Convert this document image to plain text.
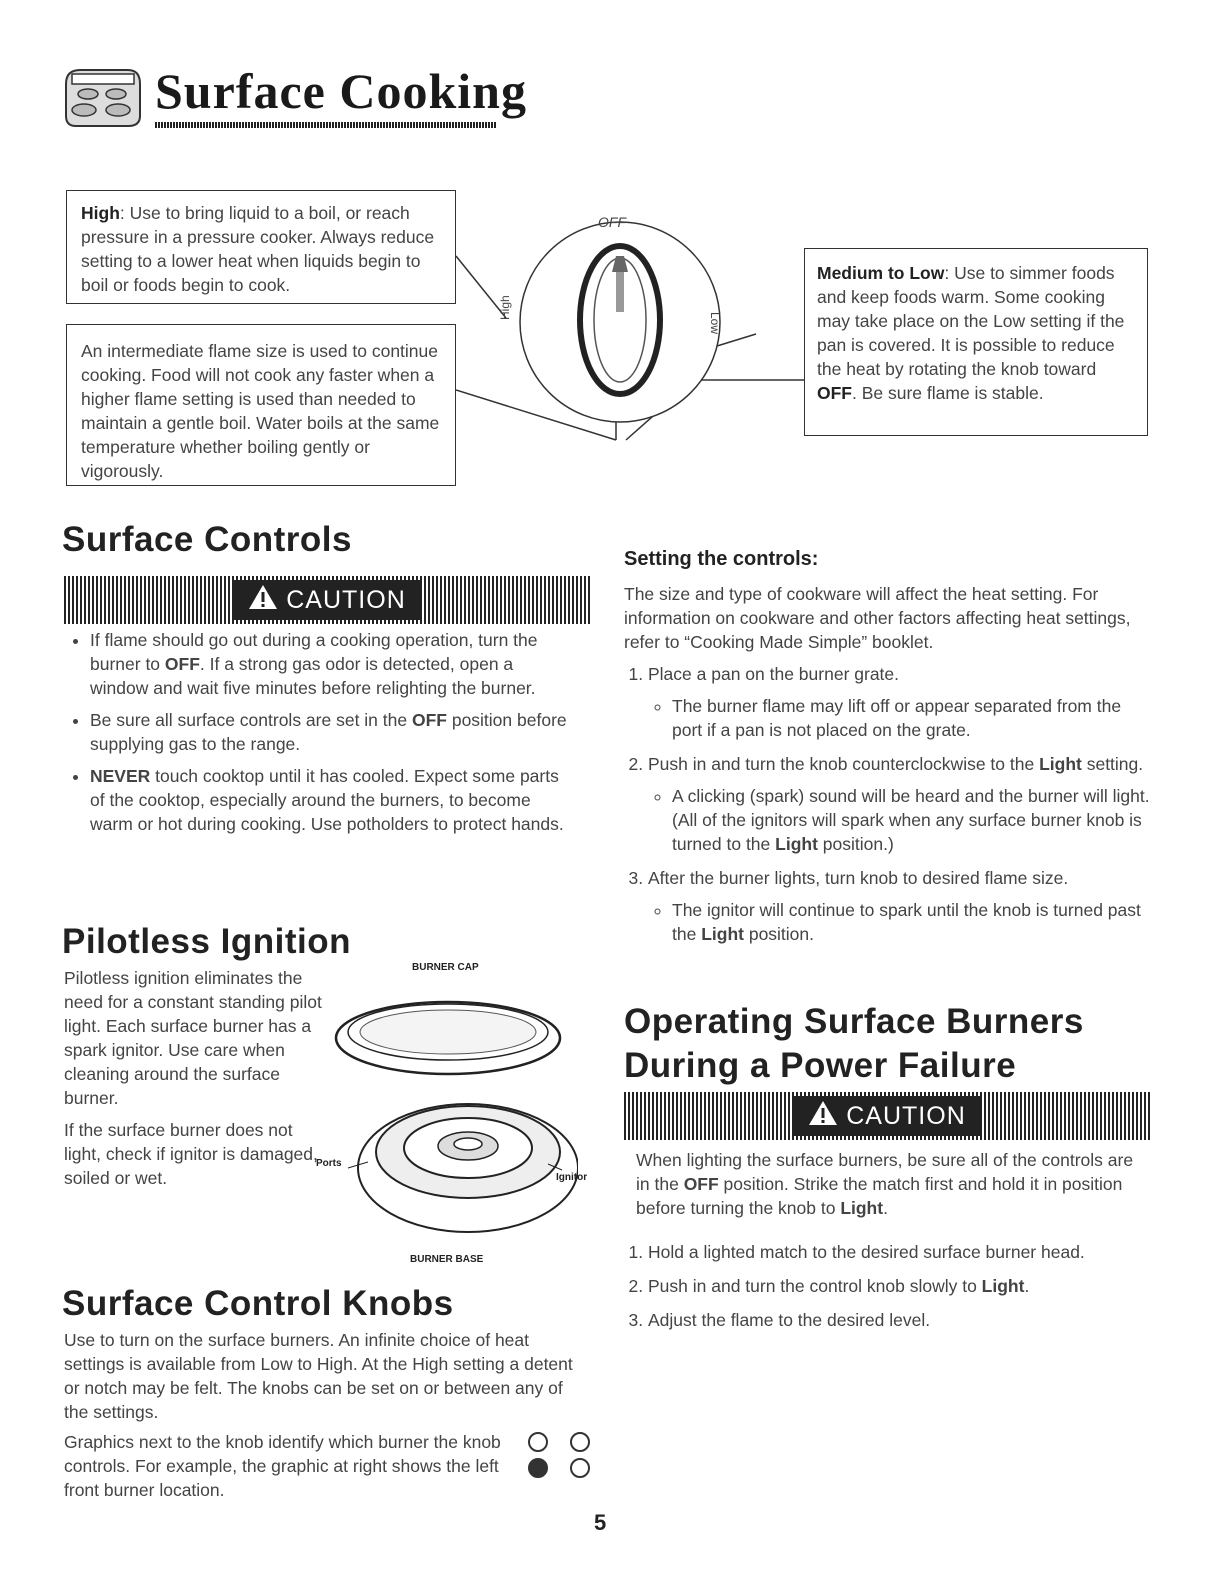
Surface Cooking

High: Use to bring liquid to a boil, or reach pressure in a pressure cooker. Always reduce setting to a lower heat when liquids begin to boil or foods begin to cook.

An intermediate flame size is used to continue cooking. Food will not cook any faster when a higher flame setting is used than needed to maintain a gentle boil. Water boils at the same temperature whether boiling gently or vigorously.

Medium to Low: Use to simmer foods and keep foods warm. Some cooking may take place on the Low setting if the pan is covered. It is possible to reduce the heat by rotating the knob toward OFF. Be sure flame is stable.

OFF
High
Low
Surface Controls
CAUTION
• If flame should go out during a cooking operation, turn the burner to OFF. If a strong gas odor is detected, open a window and wait five minutes before relighting the burner.
• Be sure all surface controls are set in the OFF position before supplying gas to the range.
• NEVER touch cooktop until it has cooled. Expect some parts of the cooktop, especially around the burners, to become warm or hot during cooking. Use potholders to protect hands.
Pilotless Ignition

Pilotless ignition eliminates the need for a constant standing pilot light. Each surface burner has a spark ignitor. Use care when cleaning around the surface burner.

If the surface burner does not light, check if ignitor is damaged, soiled or wet.

BURNER CAP
Ports
Ignitor
BURNER BASE
Surface Control Knobs
Use to turn on the surface burners. An infinite choice of heat settings is available from Low to High. At the High setting a detent or notch may be felt. The knobs can be set on or between any of the settings.
Graphics next to the knob identify which burner the knob controls. For example, the graphic at right shows the left front burner location.
Setting the controls:

The size and type of cookware will affect the heat setting. For information on cookware and other factors affecting heat settings, refer to “Cooking Made Simple” booklet.

1. Place a pan on the burner grate.
◦ The burner flame may lift off or appear separated from the port if a pan is not placed on the grate.
2. Push in and turn the knob counterclockwise to the Light setting.
◦ A clicking (spark) sound will be heard and the burner will light. (All of the ignitors will spark when any surface burner knob is turned to the Light position.)
3. After the burner lights, turn knob to desired flame size.
◦ The ignitor will continue to spark until the knob is turned past the Light position.
Operating Surface Burners
During a Power Failure
CAUTION
When lighting the surface burners, be sure all of the controls are in the OFF position. Strike the match first and hold it in position before turning the knob to Light.
1. Hold a lighted match to the desired surface burner head.
2. Push in and turn the control knob slowly to Light.
3. Adjust the flame to the desired level.
5
